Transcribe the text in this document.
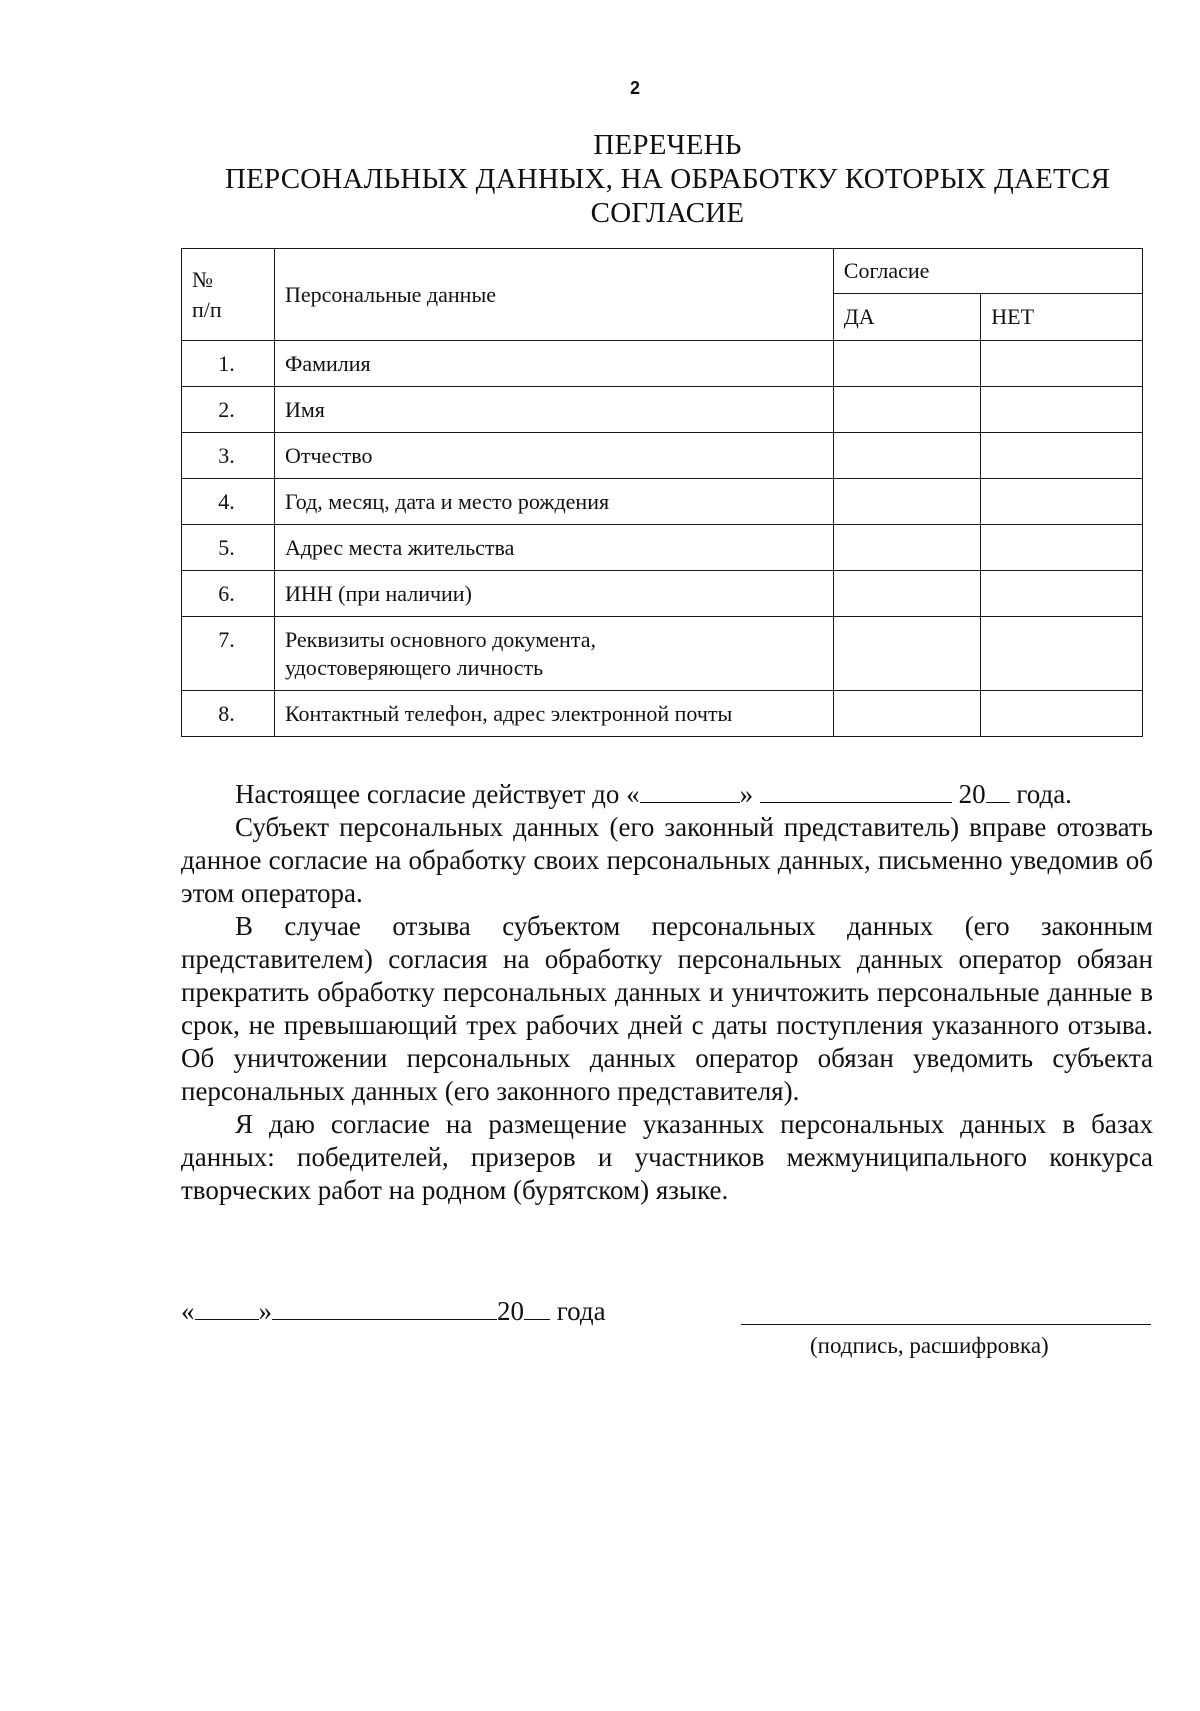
2
ПЕРЕЧЕНЬ
ПЕРСОНАЛЬНЫХ ДАННЫХ, НА ОБРАБОТКУ КОТОРЫХ ДАЕТСЯ
СОГЛАСИЕ
№
п/п	Персональные данные	Согласие	
		ДА	НЕТ
1.	Фамилия		
2.	Имя		
3.	Отчество		
4.	Год, месяц, дата и место рождения		
5.	Адрес места жительства		
6.	ИНН (при наличии)		
7.	Реквизиты основного документа,
удостоверяющего личность		
8.	Контактный телефон, адрес электронной почты		

Настоящее согласие действует до «	»	20 года.

Субъект персональных данных (его законный представитель) вправе отозвать данное согласие на обработку своих персональных данных, письменно уведомив об этом оператора.

В случае отзыва субъектом персональных данных (его законным представителем) согласия на обработку персональных данных оператор обязан прекратить обработку персональных данных и уничтожить персональные данные в срок, не превышающий трех рабочих дней с даты поступления указанного отзыва. Об уничтожении персональных данных оператор обязан уведомить субъекта персональных данных (его законного представителя).

Я даю согласие на размещение указанных персональных данных в базах данных: победителей, призеров и участников межмуниципального конкурса творческих работ на родном (бурятском) языке.

« »	20 года
(подпись, расшифровка)
